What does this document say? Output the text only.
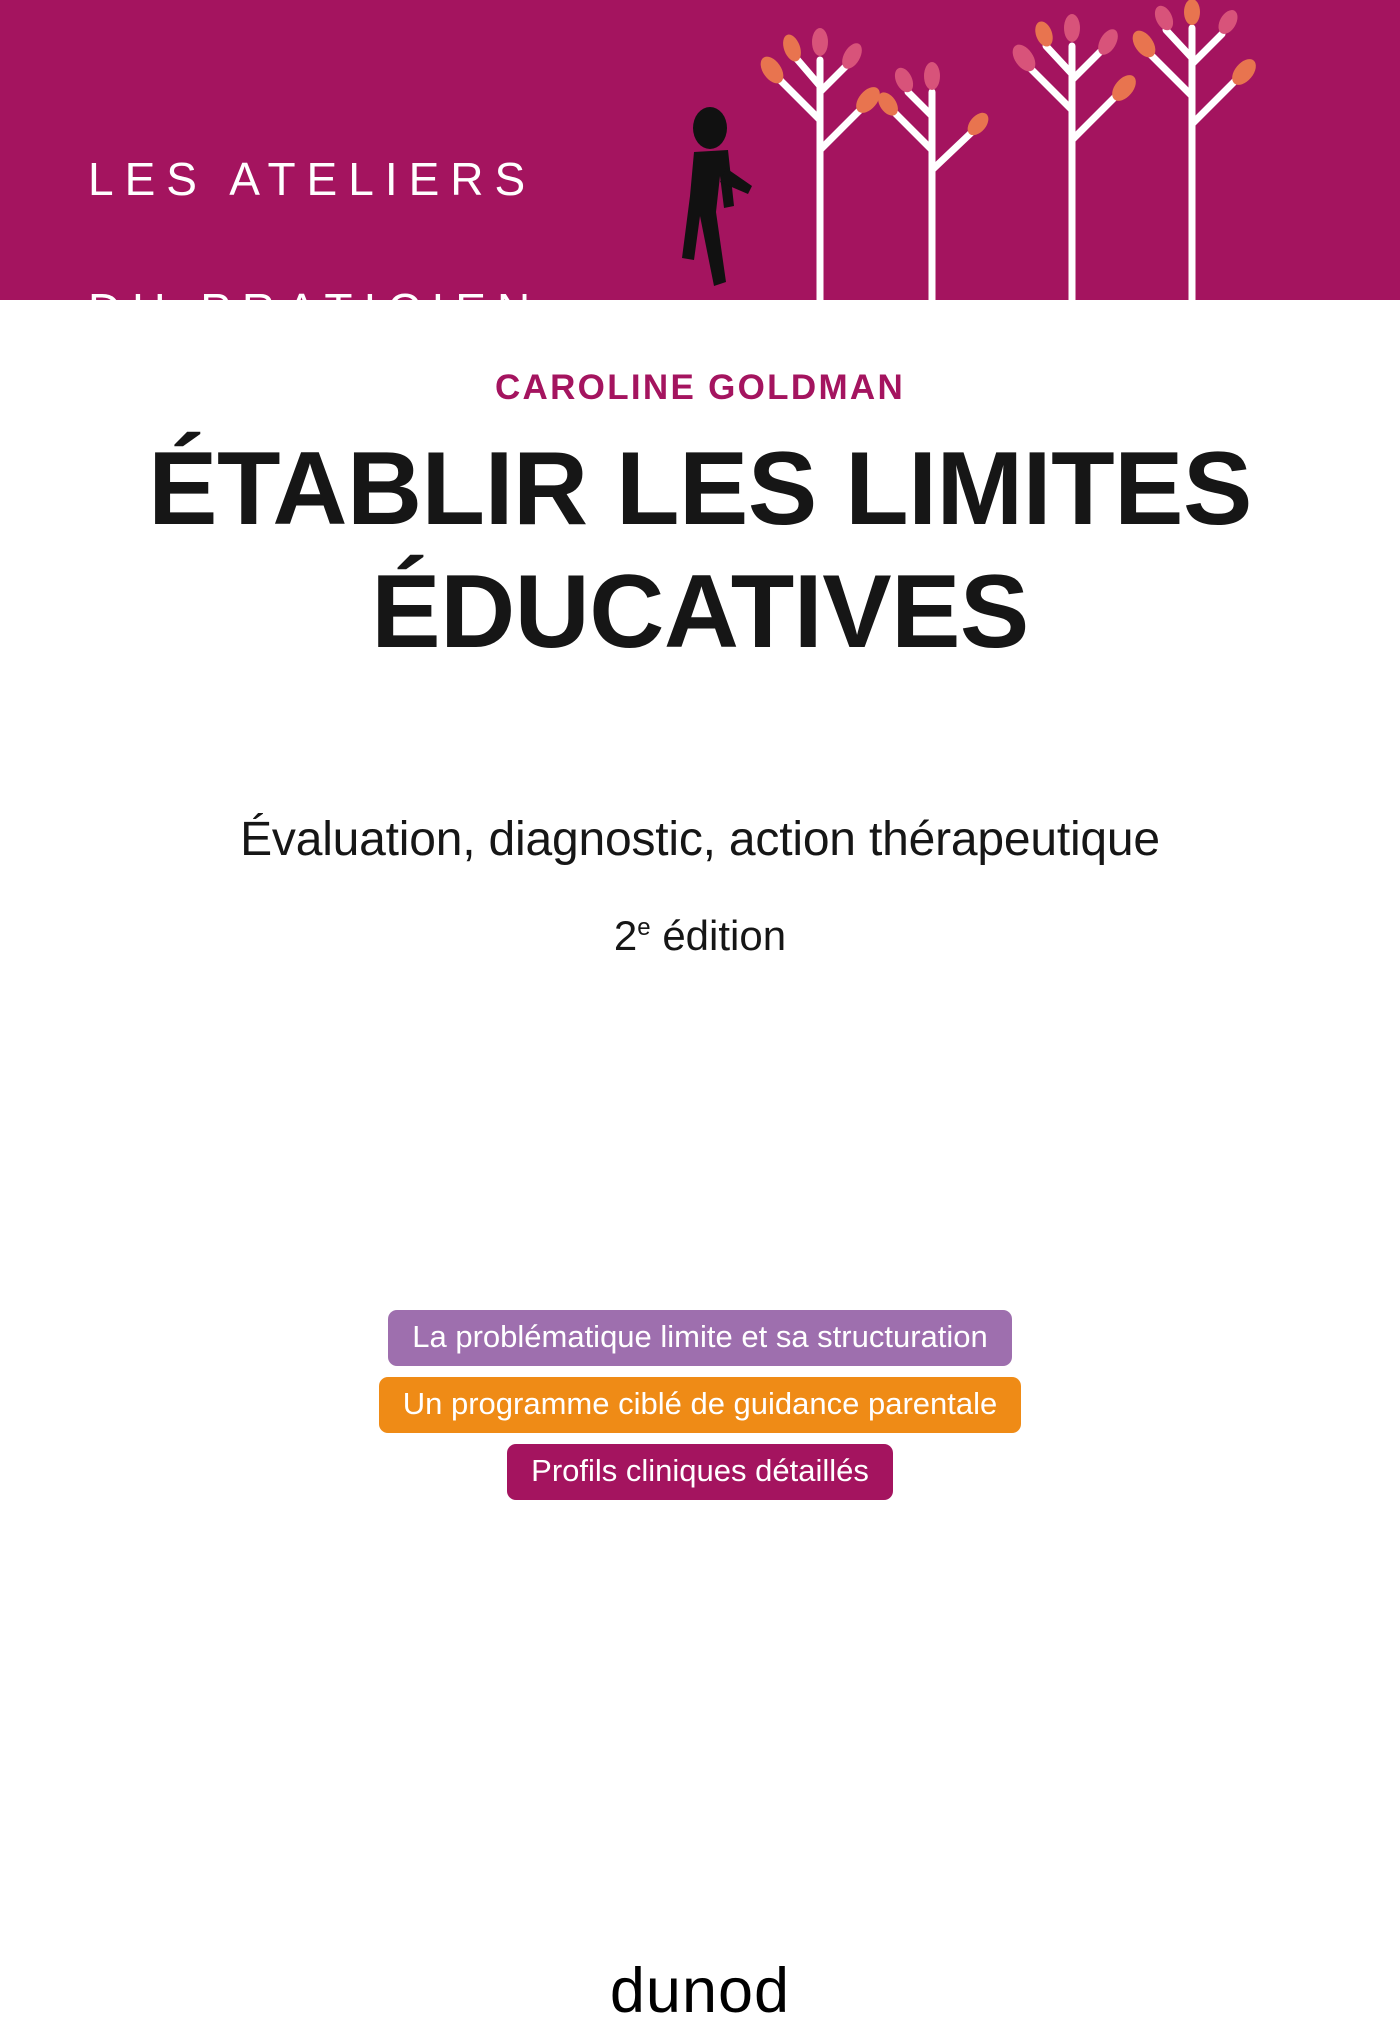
LES ATELIERS

DU PRATICIEN

CAROLINE GOLDMAN
ÉTABLIR LES LIMITES
ÉDUCATIVES
Évaluation, diagnostic, action thérapeutique
2e édition
La problématique limite et sa structuration
Un programme ciblé de guidance parentale
Profils cliniques détaillés
dunod
